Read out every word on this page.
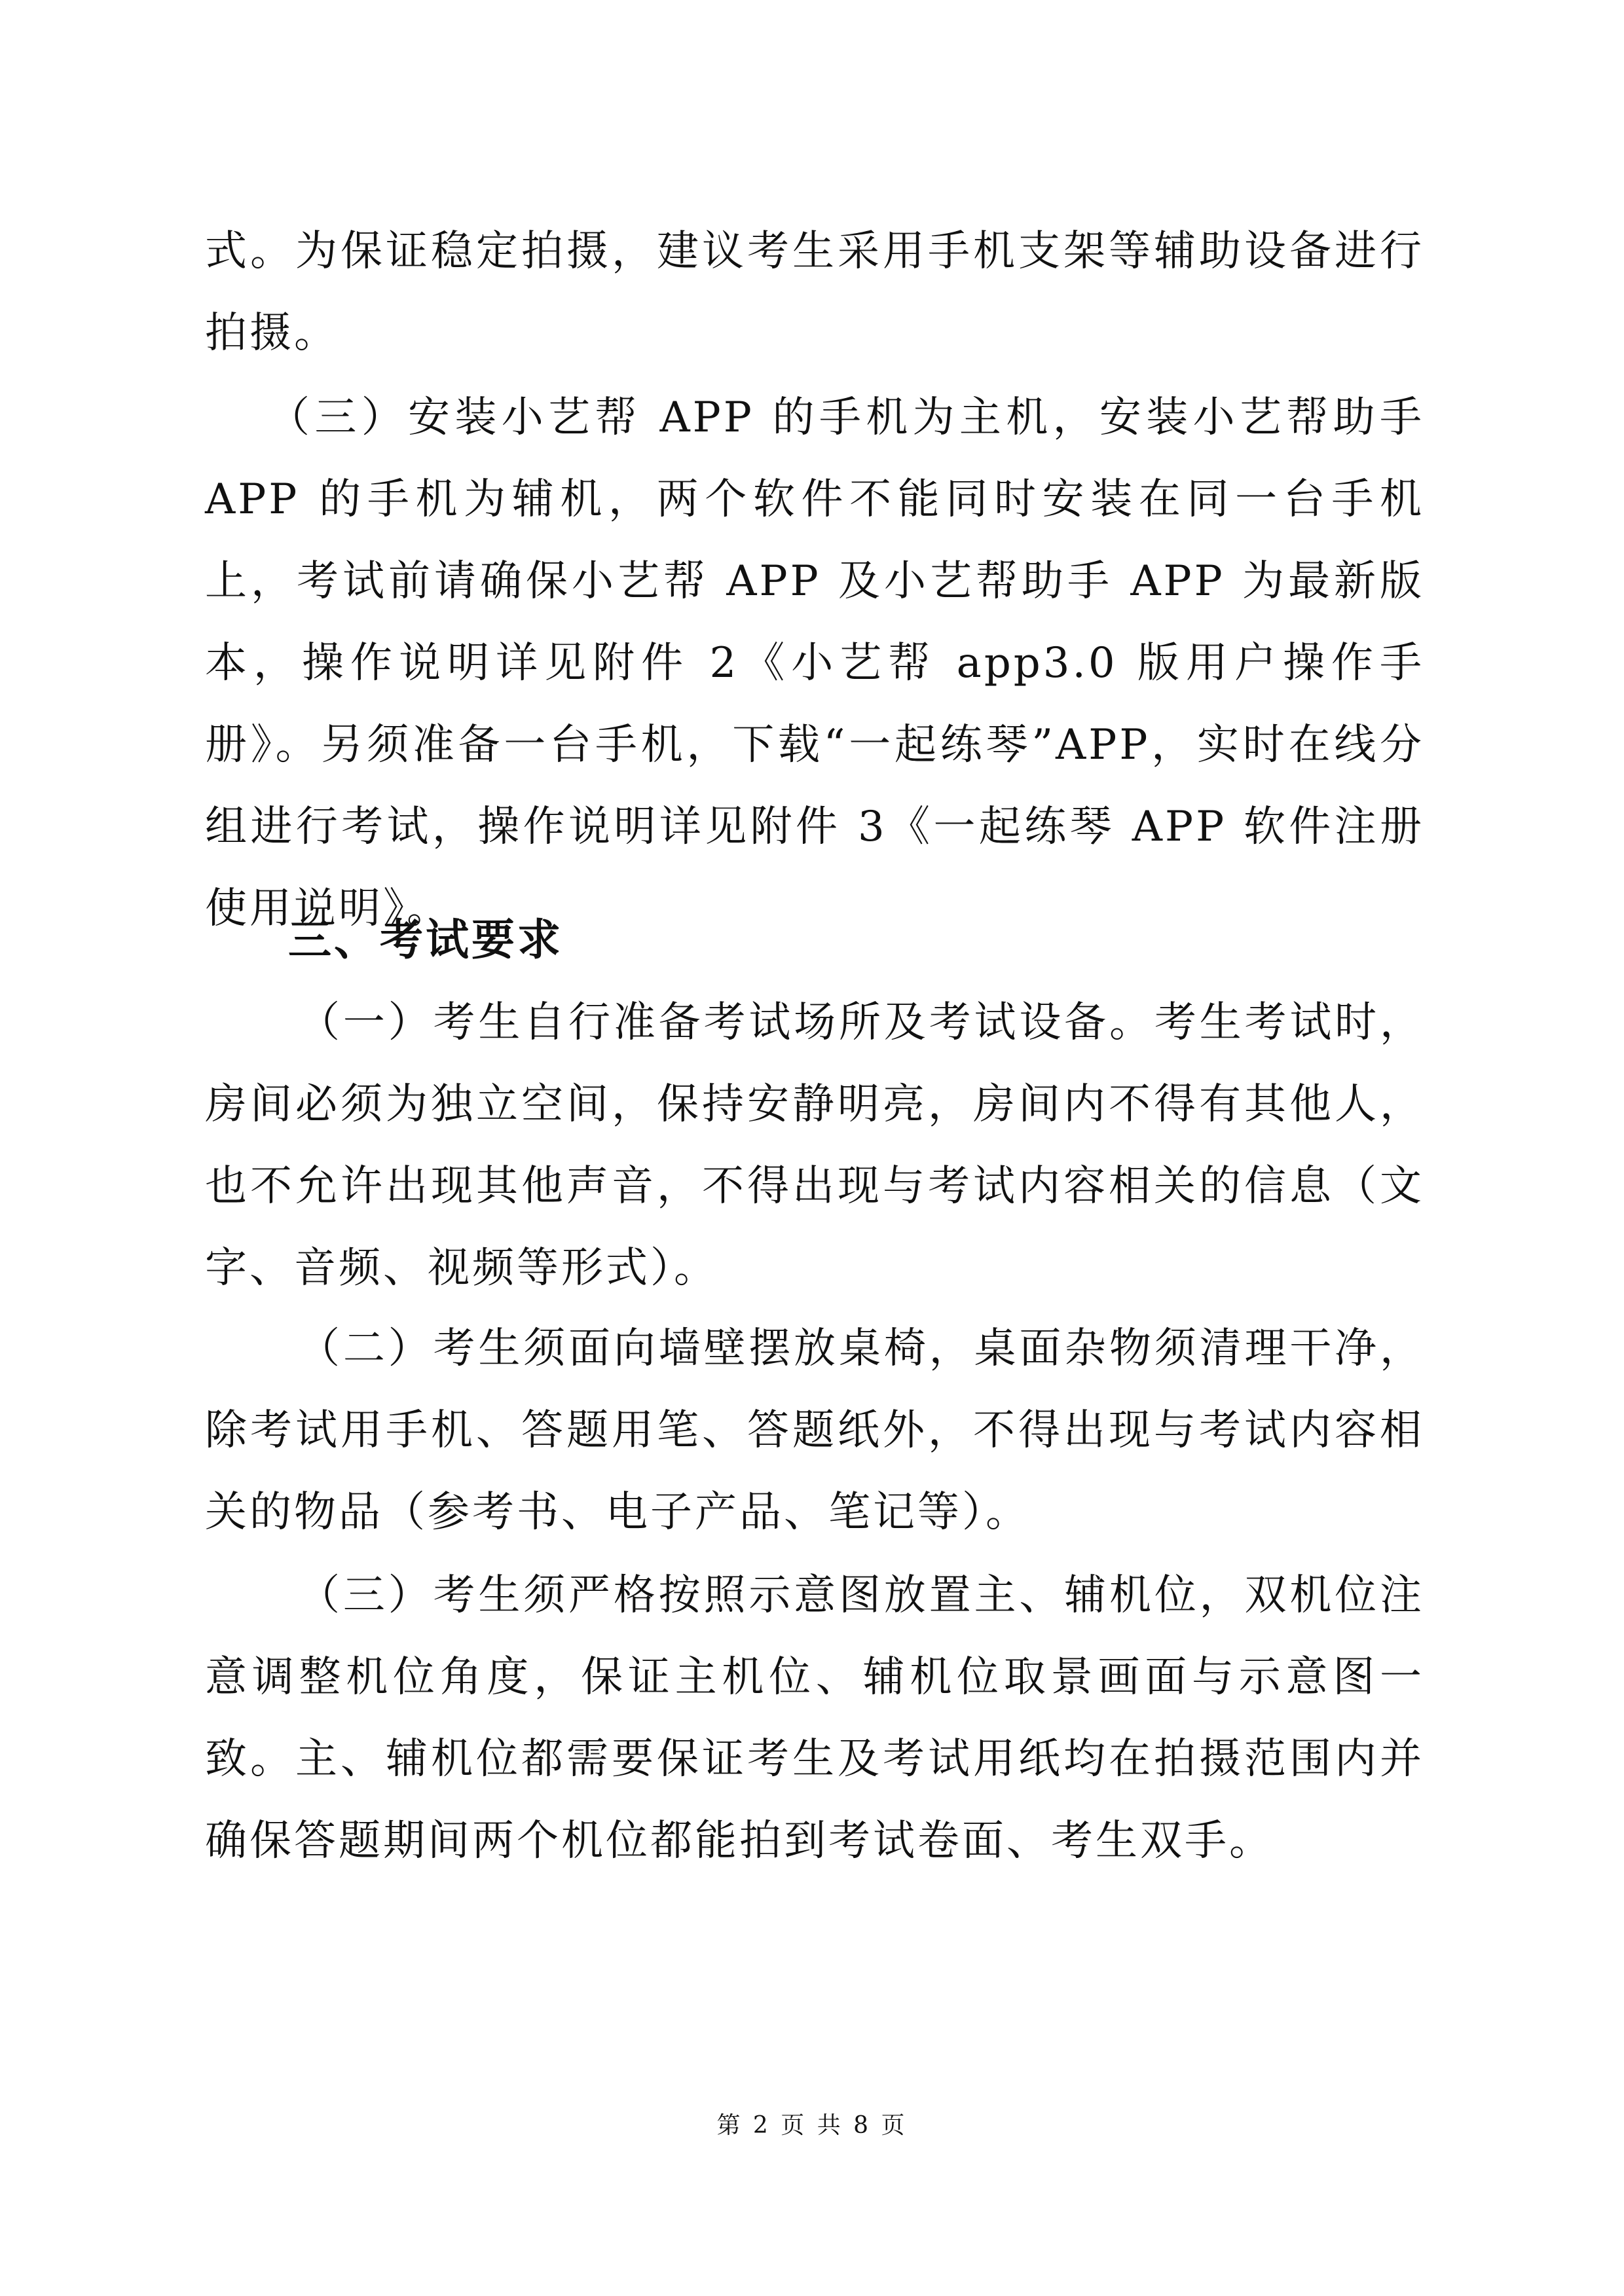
式。为保证稳定拍摄，建议考生采用手机支架等辅助设备进行拍摄。

（三）安装小艺帮 APP 的手机为主机，安装小艺帮助手 APP 的手机为辅机，两个软件不能同时安装在同一台手机上，考试前请确保小艺帮 APP 及小艺帮助手 APP 为最新版本，操作说明详见附件 2《小艺帮 app3.0 版用户操作手册》。另须准备一台手机，下载“一起练琴”APP，实时在线分组进行考试，操作说明详见附件 3《一起练琴 APP 软件注册使用说明》。

三、考试要求

（一）考生自行准备考试场所及考试设备。考生考试时，房间必须为独立空间，保持安静明亮，房间内不得有其他人，也不允许出现其他声音，不得出现与考试内容相关的信息（文字、音频、视频等形式）。

（二）考生须面向墙壁摆放桌椅，桌面杂物须清理干净，除考试用手机、答题用笔、答题纸外，不得出现与考试内容相关的物品（参考书、电子产品、笔记等）。

（三）考生须严格按照示意图放置主、辅机位，双机位注意调整机位角度，保证主机位、辅机位取景画面与示意图一致。主、辅机位都需要保证考生及考试用纸均在拍摄范围内并确保答题期间两个机位都能拍到考试卷面、考生双手。

第 2 页 共 8 页
